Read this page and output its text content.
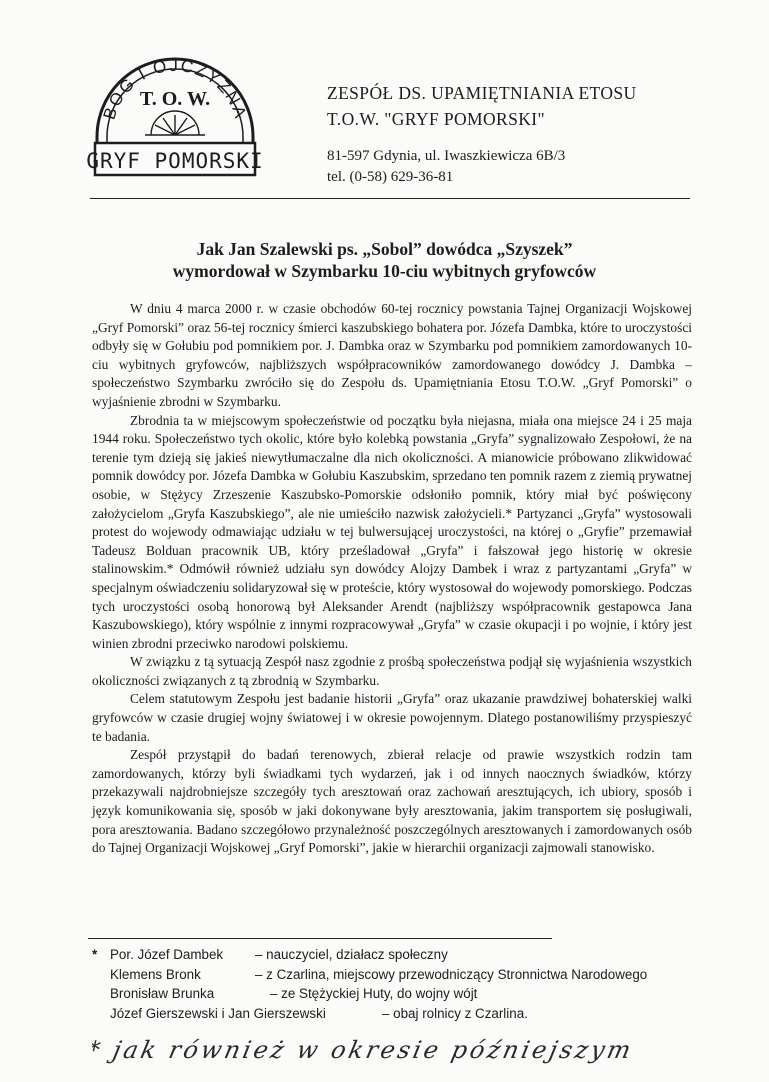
BÓG I OJCZYZNA
T. O. W.
GRYF POMORSKI
ZESPÓŁ DS. UPAMIĘTNIANIA ETOSU
T.O.W. "GRYF POMORSKI"
81-597 Gdynia, ul. Iwaszkiewicza 6B/3
tel. (0-58) 629-36-81
Jak Jan Szalewski ps. „Sobol” dowódca „Szyszek”
wymordował w Szymbarku 10-ciu wybitnych gryfowców

W dniu 4 marca 2000 r. w czasie obchodów 60-tej rocznicy powstania Tajnej Organizacji Wojskowej „Gryf Pomorski” oraz 56-tej rocznicy śmierci kaszubskiego bohatera por. Józefa Dambka, które to uroczystości odbyły się w Gołubiu pod pomnikiem por. J. Dambka oraz w Szymbarku pod pomnikiem zamordowanych 10-ciu wybitnych gryfowców, najbliższych współpracowników zamordowanego dowódcy J. Dambka – społeczeństwo Szymbarku zwróciło się do Zespołu ds. Upamiętniania Etosu T.O.W. „Gryf Pomorski” o wyjaśnienie zbrodni w Szymbarku.

Zbrodnia ta w miejscowym społeczeństwie od początku była niejasna, miała ona miejsce 24 i 25 maja 1944 roku. Społeczeństwo tych okolic, które było kolebką powstania „Gryfa” sygnalizowało Zespołowi, że na terenie tym dzieją się jakieś niewytłumaczalne dla nich okoliczności. A mianowicie próbowano zlikwidować pomnik dowódcy por. Józefa Dambka w Gołubiu Kaszubskim, sprzedano ten pomnik razem z ziemią prywatnej osobie, w Stężycy Zrzeszenie Kaszubsko-Pomorskie odsłoniło pomnik, który miał być poświęcony założycielom „Gryfa Kaszubskiego”, ale nie umieściło nazwisk założycieli.* Partyzanci „Gryfa” wystosowali protest do wojewody odmawiając udziału w tej bulwersującej uroczystości, na której o „Gryfie” przemawiał Tadeusz Bolduan pracownik UB, który prześladował „Gryfa” i fałszował jego historię w okresie stalinowskim.* Odmówił również udziału syn dowódcy Alojzy Dambek i wraz z partyzantami „Gryfa” w specjalnym oświadczeniu solidaryzował się w proteście, który wystosował do wojewody pomorskiego. Podczas tych uroczystości osobą honorową był Aleksander Arendt (najbliższy współpracownik gestapowca Jana Kaszubowskiego), który wspólnie z innymi rozpracowywał „Gryfa” w czasie okupacji i po wojnie, i który jest winien zbrodni przeciwko narodowi polskiemu.

W związku z tą sytuacją Zespół nasz zgodnie z prośbą społeczeństwa podjął się wyjaśnienia wszystkich okoliczności związanych z tą zbrodnią w Szymbarku.

Celem statutowym Zespołu jest badanie historii „Gryfa” oraz ukazanie prawdziwej bohaterskiej walki gryfowców w czasie drugiej wojny światowej i w okresie powojennym. Dlatego postanowiliśmy przyspieszyć te badania.

Zespół przystąpił do badań terenowych, zbierał relacje od prawie wszystkich rodzin tam zamordowanych, którzy byli świadkami tych wydarzeń, jak i od innych naocznych świadków, którzy przekazywali najdrobniejsze szczegóły tych aresztowań oraz zachowań aresztujących, ich ubiory, sposób i język komunikowania się, sposób w jaki dokonywane były aresztowania, jakim transportem się posługiwali, pora aresztowania. Badano szczegółowo przynależność poszczególnych aresztowanych i zamordowanych osób do Tajnej Organizacji Wojskowej „Gryf Pomorski”, jakie w hierarchii organizacji zajmowali stanowisko.

* Por. Józef Dambek – nauczyciel, działacz społeczny
Klemens Bronk	– z Czarlina, miejscowy przewodniczący Stronnictwa Narodowego
Bronisław Brunka	– ze Stężyckiej Huty, do wojny wójt
Józef Gierszewski i Jan Gierszewski	– obaj rolnicy z Czarlina.
* jak również w okresie późniejszym
